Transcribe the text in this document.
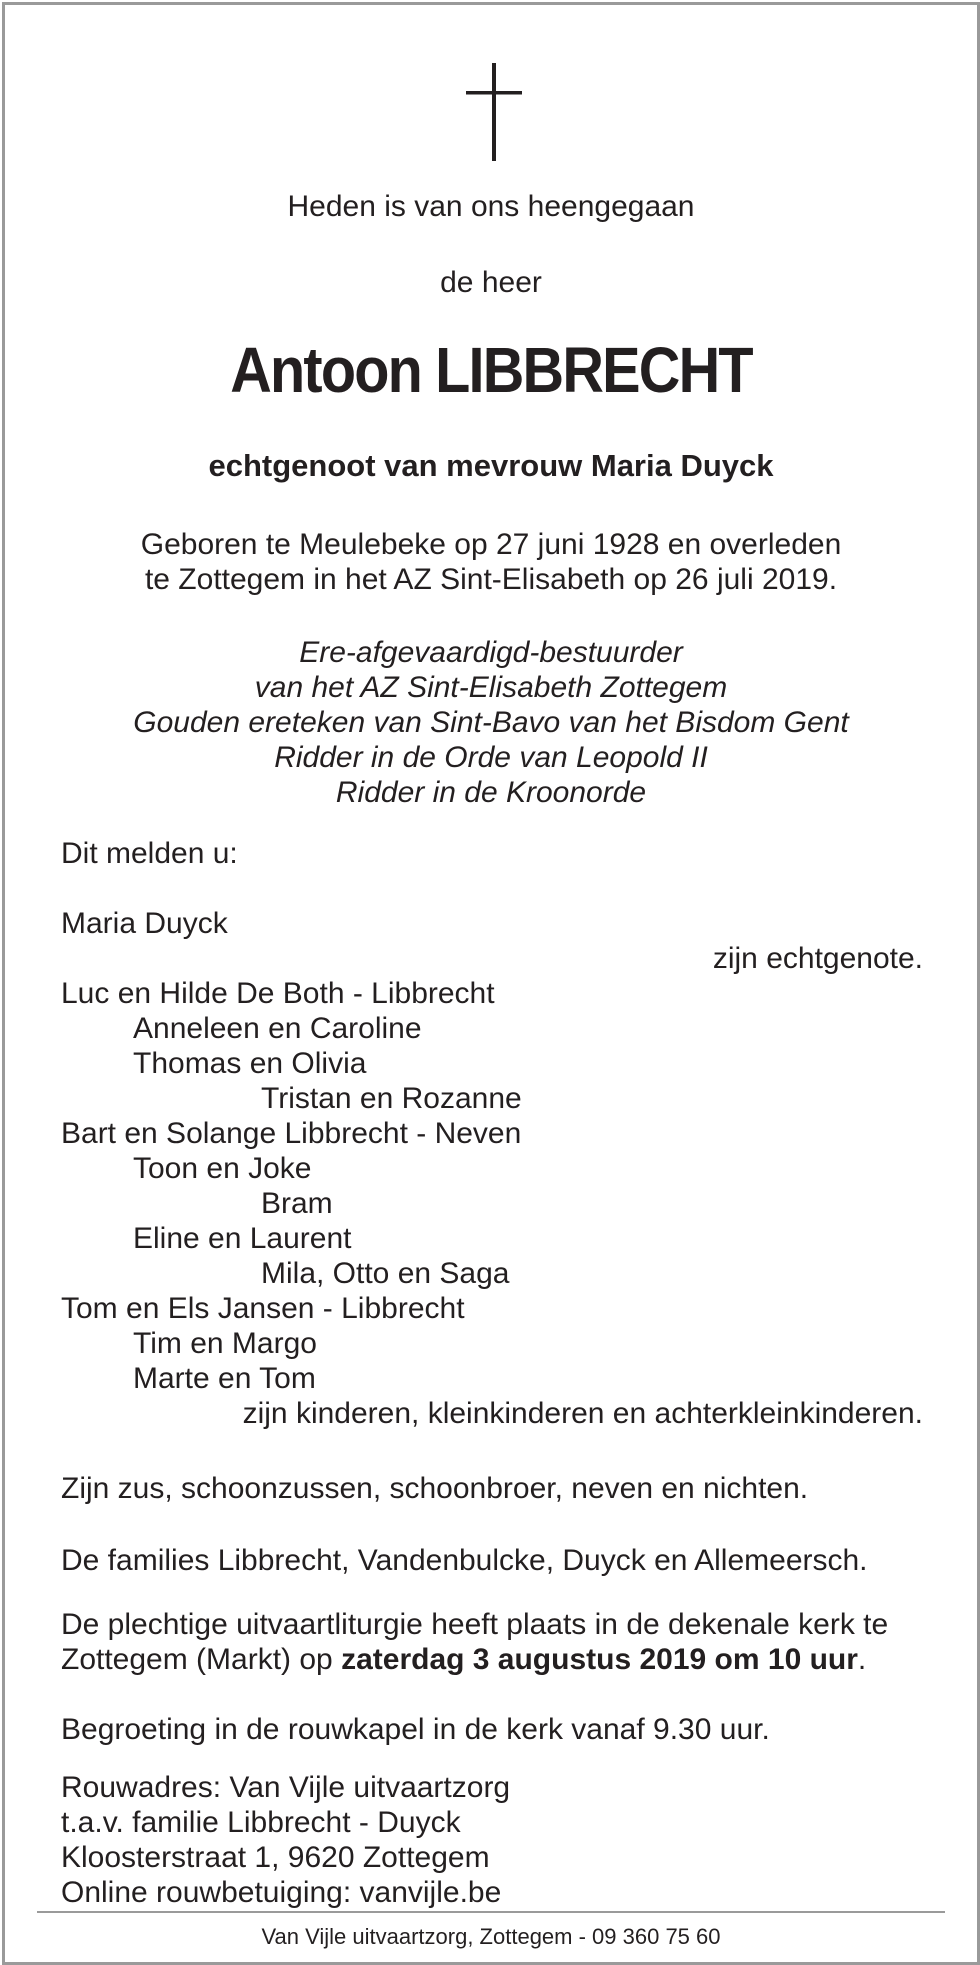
Heden is van ons heengegaan
de heer
Antoon LIBBRECHT
echtgenoot van mevrouw Maria Duyck
Geboren te Meulebeke op 27 juni 1928 en overleden
te Zottegem in het AZ Sint-Elisabeth op 26 juli 2019.
Ere-afgevaardigd-bestuurder
van het AZ Sint-Elisabeth Zottegem
Gouden ereteken van Sint-Bavo van het Bisdom Gent
Ridder in de Orde van Leopold II
Ridder in de Kroonorde
Dit melden u:
Maria Duyck
zijn echtgenote.
Luc en Hilde De Both - Libbrecht
Anneleen en Caroline
Thomas en Olivia
Tristan en Rozanne
Bart en Solange Libbrecht - Neven
Toon en Joke
Bram
Eline en Laurent
Mila, Otto en Saga
Tom en Els Jansen - Libbrecht
Tim en Margo
Marte en Tom
zijn kinderen, kleinkinderen en achterkleinkinderen.
Zijn zus, schoonzussen, schoonbroer, neven en nichten.
De families Libbrecht, Vandenbulcke, Duyck en Allemeersch.
De plechtige uitvaartliturgie heeft plaats in de dekenale kerk te
Zottegem (Markt) op zaterdag 3 augustus 2019 om 10 uur.
Begroeting in de rouwkapel in de kerk vanaf 9.30 uur.
Rouwadres: Van Vijle uitvaartzorg
t.a.v. familie Libbrecht - Duyck
Kloosterstraat 1, 9620 Zottegem
Online rouwbetuiging: vanvijle.be
Van Vijle uitvaartzorg, Zottegem - 09 360 75 60
